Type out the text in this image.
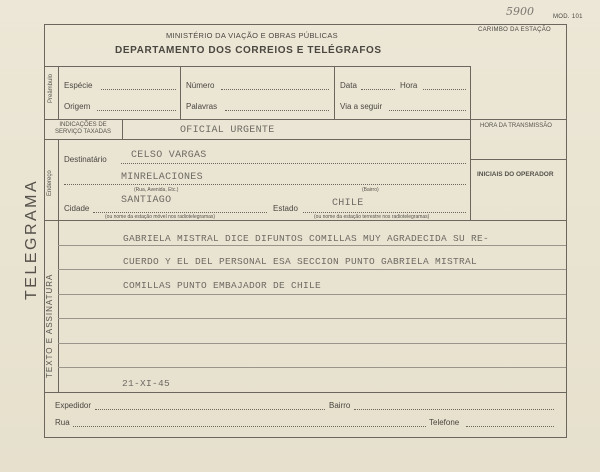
5900	MOD. 101
MINISTÉRIO DA VIAÇÃO E OBRAS PÚBLICAS
DEPARTAMENTO DOS CORREIOS E TELÉGRAFOS
CARIMBO DA ESTAÇÃO
TELEGRAMA
Preâmbulo Espécie	Número	Data	Hora
Origem	Palavras	Via a seguir
INDICAÇÕES DE SERVIÇO TAXADAS	OFICIAL URGENTE	HORA DA TRANSMISSÃO
INICIAIS DO OPERADOR
Endereço
Destinatário CELSO VARGAS
MINRELACIONES
(Rua, Avenida, Etc.)	(Bairro)
Cidade
SANTIAGO
(ou nome da estação móvel nos radiotelegramas)
Estado	CHILE
(ou nome da estação terrestre nos radiotelegramas)
TEXTO E ASSINATURA
GABRIELA MISTRAL DICE DIFUNTOS COMILLAS MUY AGRADECIDA SU RE-
CUERDO Y EL DEL PERSONAL ESA SECCION PUNTO GABRIELA MISTRAL
COMILLAS PUNTO EMBAJADOR DE CHILE
21-XI-45
Expedidor	Bairro
Rua	Telefone
